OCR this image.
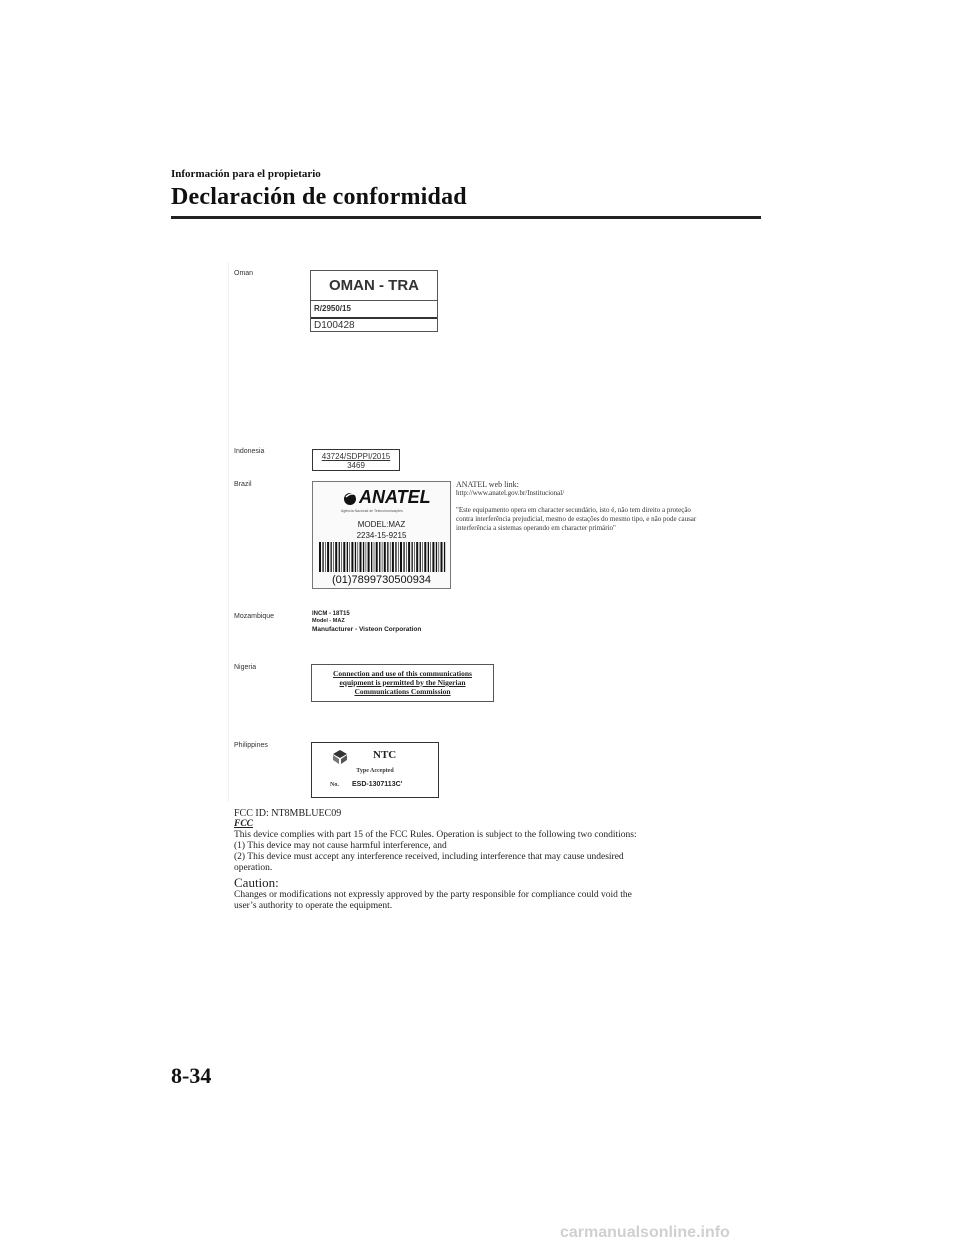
Información para el propietario
Declaración de conformidad
Oman
OMAN - TRA
R/2950/15
D100428
Indonesia
43724/SDPPI/2015
3469
Brazil
ANATEL
Agência Nacional de Telecomunicações
MODEL:MAZ
2234-15-9215
(01)7899730500934
ANATEL web link:
http://www.anatel.gov.br/Institucional/
"Este equipamento opera em character secundário, isto é, não tem direito a proteção contra interferência prejudicial, mesmo de estações do mesmo tipo, e não pode causar interferência a sistemas operando em character primário"
Mozambique	INCM - 18T15
Model - MAZ
Manufacturer - Visteon Corporation
Nigeria
Connection and use of this communications
equipment is permitted by the Nigerian
Communications Commission
Philippines
NTC
Type Accepted
No. ESD-1307113C'
FCC ID: NT8MBLUEC09
FCC
This device complies with part 15 of the FCC Rules. Operation is subject to the following two conditions:
(1) This device may not cause harmful interference, and
(2) This device must accept any interference received, including interference that may cause undesired
operation.
Caution:
Changes or modifications not expressly approved by the party responsible for compliance could void the
user’s authority to operate the equipment.
8-34
carmanualsonline.info
